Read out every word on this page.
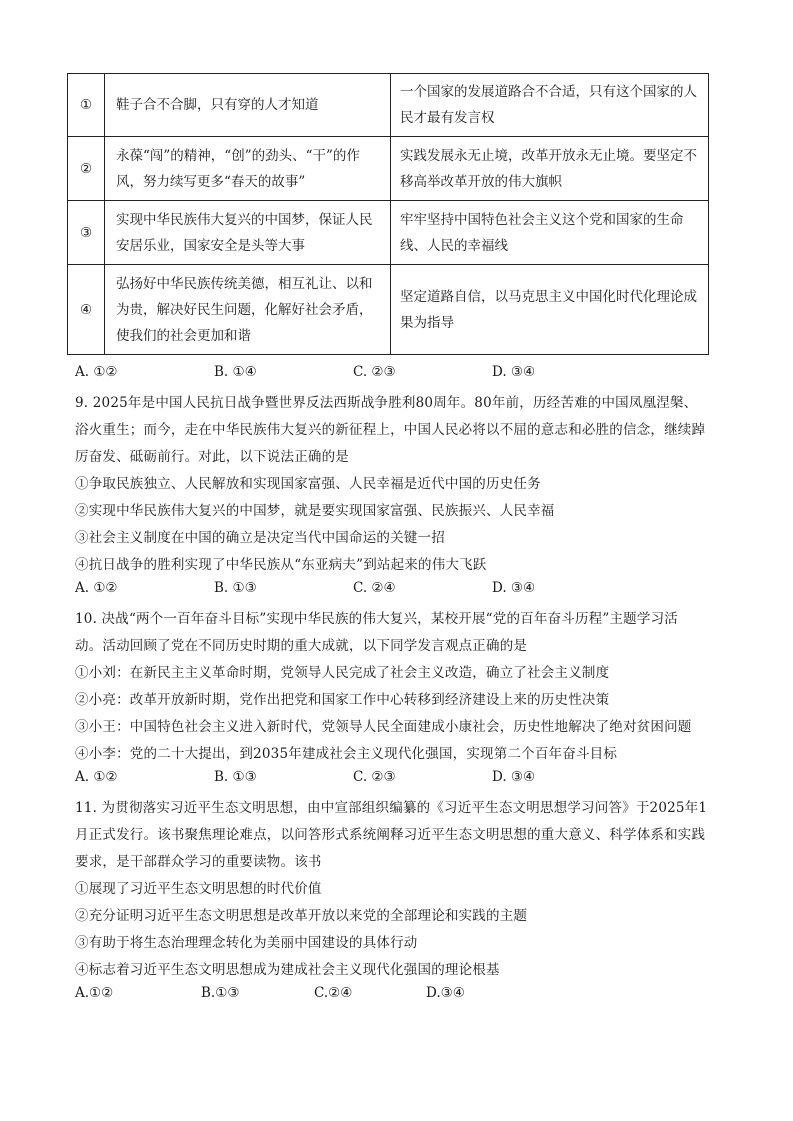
①	鞋子合不合脚，只有穿的人才知道	一个国家的发展道路合不合适，只有这个国家的人民才最有发言权
②	永葆“闯”的精神，“创”的劲头、“干”的作风，努力续写更多“春天的故事”	实践发展永无止境，改革开放永无止境。要坚定不移高举改革开放的伟大旗帜
③	实现中华民族伟大复兴的中国梦，保证人民安居乐业，国家安全是头等大事	牢牢坚持中国特色社会主义这个党和国家的生命线、人民的幸福线
④	弘扬好中华民族传统美德，相互礼让、以和为贵，解决好民生问题，化解好社会矛盾，使我们的社会更加和谐	坚定道路自信，以马克思主义中国化时代化理论成果为指导
A. ①②	B. ①④	C. ②③	D. ③④
9. 2025年是中国人民抗日战争暨世界反法西斯战争胜利80周年。80年前，历经苦难的中国凤凰涅槃、
浴火重生；而今，走在中华民族伟大复兴的新征程上，中国人民必将以不屈的意志和必胜的信念，继续踔
厉奋发、砥砺前行。对此，以下说法正确的是
①争取民族独立、人民解放和实现国家富强、人民幸福是近代中国的历史任务
②实现中华民族伟大复兴的中国梦，就是要实现国家富强、民族振兴、人民幸福
③社会主义制度在中国的确立是决定当代中国命运的关键一招
④抗日战争的胜利实现了中华民族从“东亚病夫”到站起来的伟大飞跃
A. ①②	B. ①③	C. ②④	D. ③④
10. 决战“两个一百年奋斗目标”实现中华民族的伟大复兴，某校开展“党的百年奋斗历程”主题学习活
动。活动回顾了党在不同历史时期的重大成就，以下同学发言观点正确的是
①小刘：在新民主主义革命时期，党领导人民完成了社会主义改造，确立了社会主义制度
②小亮：改革开放新时期，党作出把党和国家工作中心转移到经济建设上来的历史性决策
③小王：中国特色社会主义进入新时代，党领导人民全面建成小康社会，历史性地解决了绝对贫困问题
④小李：党的二十大提出，到2035年建成社会主义现代化强国，实现第二个百年奋斗目标
A. ①②	B. ①③	C. ②③	D. ③④
11. 为贯彻落实习近平生态文明思想，由中宣部组织编纂的《习近平生态文明思想学习问答》于2025年1
月正式发行。该书聚焦理论难点，以问答形式系统阐释习近平生态文明思想的重大意义、科学体系和实践
要求，是干部群众学习的重要读物。该书
①展现了习近平生态文明思想的时代价值
②充分证明习近平生态文明思想是改革开放以来党的全部理论和实践的主题
③有助于将生态治理理念转化为美丽中国建设的具体行动
④标志着习近平生态文明思想成为建成社会主义现代化强国的理论根基
A.①②	B.①③	C.②④	D.③④
